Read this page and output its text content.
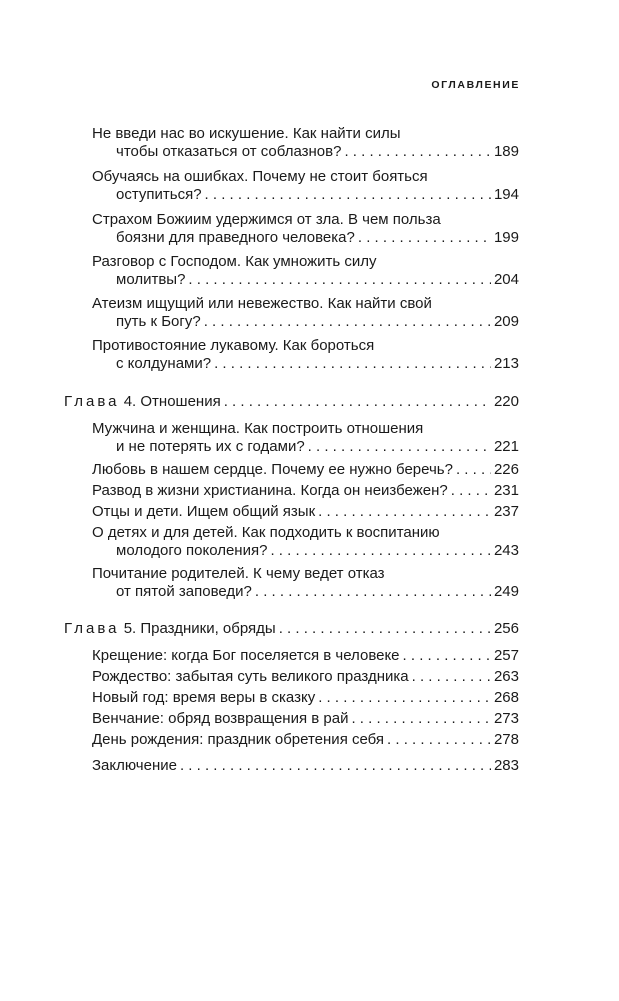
ОГЛАВЛЕНИЕ
Не введи нас во искушение. Как найти силы
чтобы отказаться от соблазнов? . . .	189
Обучаясь на ошибках. Почему не стоит бояться
оступиться? . . .	194
Страхом Божиим удержимся от зла. В чем польза
боязни для праведного человека? . . .	199
Разговор с Господом. Как умножить силу
молитвы? . . .	204
Атеизм ищущий или невежество. Как найти свой
путь к Богу? . . .	209
Противостояние лукавому. Как бороться
с колдунами? . . .	213
Глава 4. Отношения . . .	220
Мужчина и женщина. Как построить отношения
и не потерять их с годами? . . .	221
Любовь в нашем сердце. Почему ее нужно беречь? . . .	226
Развод в жизни христианина. Когда он неизбежен? . . .	231
Отцы и дети. Ищем общий язык . . .	237
О детях и для детей. Как подходить к воспитанию
молодого поколения? . . .	243
Почитание родителей. К чему ведет отказ
от пятой заповеди? . . .	249
Глава 5. Праздники, обряды . . .	256
Крещение: когда Бог поселяется в человеке . . .	257
Рождество: забытая суть великого праздника . . .	263
Новый год: время веры в сказку . . .	268
Венчание: обряд возвращения в рай . . .	273
День рождения: праздник обретения себя . . .	278
Заключение . . .	283
